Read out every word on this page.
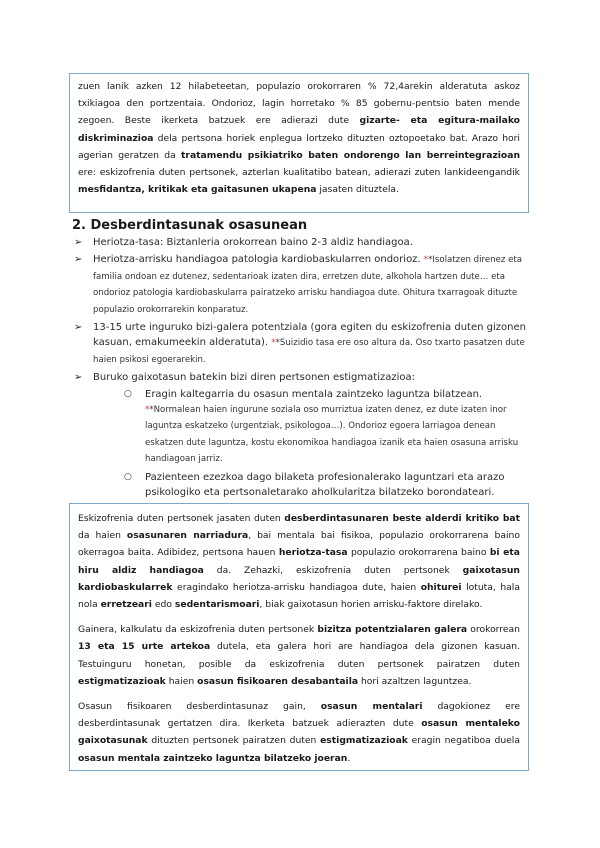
zuen lanik azken 12 hilabeteetan, populazio orokorraren % 72,4arekin alderatuta askoz txikiagoa den portzentaia. Ondorioz, lagin horretako % 85 gobernu-pentsio baten mende zegoen. Beste ikerketa batzuek ere adierazi dute gizarte- eta egitura-mailako diskriminazioa dela pertsona horiek enplegua lortzeko dituzten oztopoetako bat. Arazo hori agerian geratzen da tratamendu psikiatriko baten ondorengo lan berreintegrazioan ere: eskizofrenia duten pertsonek, azterlan kualitatibo batean, adierazi zuten lankideengandik mesfidantza, kritikak eta gaitasunen ukapena jasaten dituztela.

2. Desberdintasunak osasunean
➢ Heriotza-tasa: Biztanleria orokorrean baino 2-3 aldiz handiagoa.
➢ Heriotza-arrisku handiagoa patologia kardiobaskularren ondorioz. **Isolatzen direnez eta familia ondoan ez dutenez, sedentarioak izaten dira, erretzen dute, alkohola hartzen dute… eta ondorioz patologia kardiobaskularra pairatzeko arrisku handiagoa dute. Ohitura txarragoak dituzte populazio orokorrarekin konparatuz.
➢ 13-15 urte inguruko bizi-galera potentziala (gora egiten du eskizofrenia duten gizonen kasuan, emakumeekin alderatuta). **Suizidio tasa ere oso altura da. Oso txarto pasatzen dute haien psikosi egoerarekin.
➢ Buruko gaixotasun batekin bizi diren pertsonen estigmatizazioa:
○ Eragin kaltegarria du osasun mentala zaintzeko laguntza bilatzean. **Normalean haien ingurune soziala oso murriztua izaten denez, ez dute izaten inor laguntza eskatzeko (urgentziak, psikologoa…). Ondorioz egoera larriagoa denean eskatzen dute laguntza, kostu ekonomikoa handiagoa izanik eta haien osasuna arrisku handiagoan jarriz.
○ Pazienteen ezezkoa dago bilaketa profesionalerako laguntzari eta arazo psikologiko eta pertsonaletarako aholkularitza bilatzeko borondateari.

Eskizofrenia duten pertsonek jasaten duten desberdintasunaren beste alderdi kritiko bat da haien osasunaren narriadura, bai mentala bai fisikoa, populazio orokorrarena baino okerragoa baita. Adibidez, pertsona hauen heriotza-tasa populazio orokorrarena baino bi eta hiru aldiz handiagoa da. Zehazki, eskizofrenia duten pertsonek gaixotasun kardiobaskularrek eragindako heriotza-arrisku handiagoa dute, haien ohiturei lotuta, hala nola erretzeari edo sedentarismoari, biak gaixotasun horien arrisku-faktore direlako.

Gainera, kalkulatu da eskizofrenia duten pertsonek bizitza potentzialaren galera orokorrean 13 eta 15 urte artekoa dutela, eta galera hori are handiagoa dela gizonen kasuan. Testuinguru honetan, posible da eskizofrenia duten pertsonek pairatzen duten estigmatizazioak haien osasun fisikoaren desabantaila hori azaltzen laguntzea.

Osasun fisikoaren desberdintasunaz gain, osasun mentalari dagokionez ere desberdintasunak gertatzen dira. Ikerketa batzuek adierazten dute osasun mentaleko gaixotasunak dituzten pertsonek pairatzen duten estigmatizazioak eragin negatiboa duela osasun mentala zaintzeko laguntza bilatzeko joeran.
